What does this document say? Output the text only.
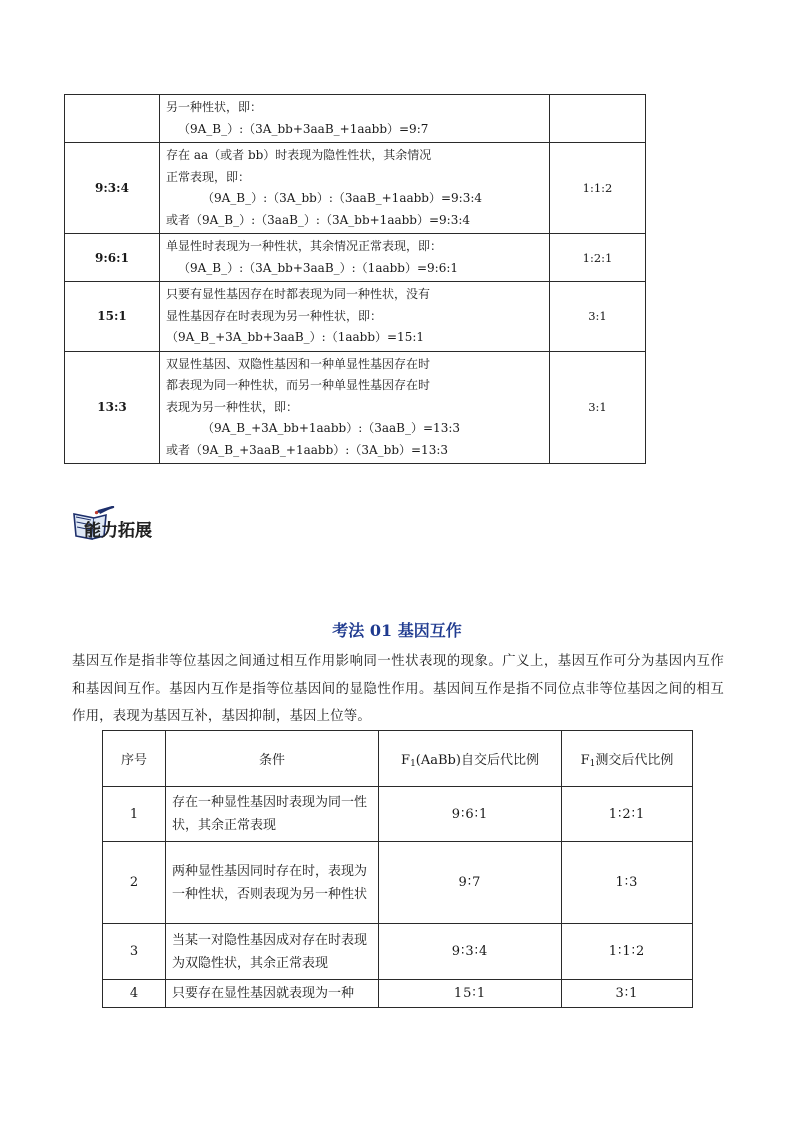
	另一种性状，即：
（9A_B_）:（3A_bb+3aaB_+1aabb）=9:7	

9:3:4	存在 aa（或者 bb）时表现为隐性性状，其余情况
正常表现，即：
（9A_B_）:（3A_bb）:（3aaB_+1aabb）=9:3:4
或者（9A_B_）:（3aaB_）:（3A_bb+1aabb）=9:3:4	1:1:2
9:6:1	单显性时表现为一种性状，其余情况正常表现，即：
（9A_B_）:（3A_bb+3aaB_）:（1aabb）=9:6:1	1:2:1
15:1	只要有显性基因存在时都表现为同一种性状，没有
显性基因存在时表现为另一种性状，即：
（9A_B_+3A_bb+3aaB_）:（1aabb）=15:1	3:1
13:3	双显性基因、双隐性基因和一种单显性基因存在时
都表现为同一种性状，而另一种单显性基因存在时
表现为另一种性状，即：
（9A_B_+3A_bb+1aabb）:（3aaB_）=13:3
或者（9A_B_+3aaB_+1aabb）:（3A_bb）=13:3	3:1
能力拓展
考法 01 基因互作
基因互作是指非等位基因之间通过相互作用影响同一性状表现的现象。广义上，基因互作可分为基因内互作和基因间互作。基因内互作是指等位基因间的显隐性作用。基因间互作是指不同位点非等位基因之间的相互作用，表现为基因互补，基因抑制，基因上位等。
序号	条件	$F_1(AaBb)$自交后代比例	$F_1$测交后代比例
1	存在一种显性基因时表现为同一性状，其余正常表现	9∶6∶1	1∶2∶1
2	两种显性基因同时存在时，表现为一种性状，否则表现为另一种性状	9∶7	1∶3
3	当某一对隐性基因成对存在时表现为双隐性状，其余正常表现	9∶3∶4	1∶1∶2
4	只要存在显性基因就表现为一种	15∶1	3∶1
